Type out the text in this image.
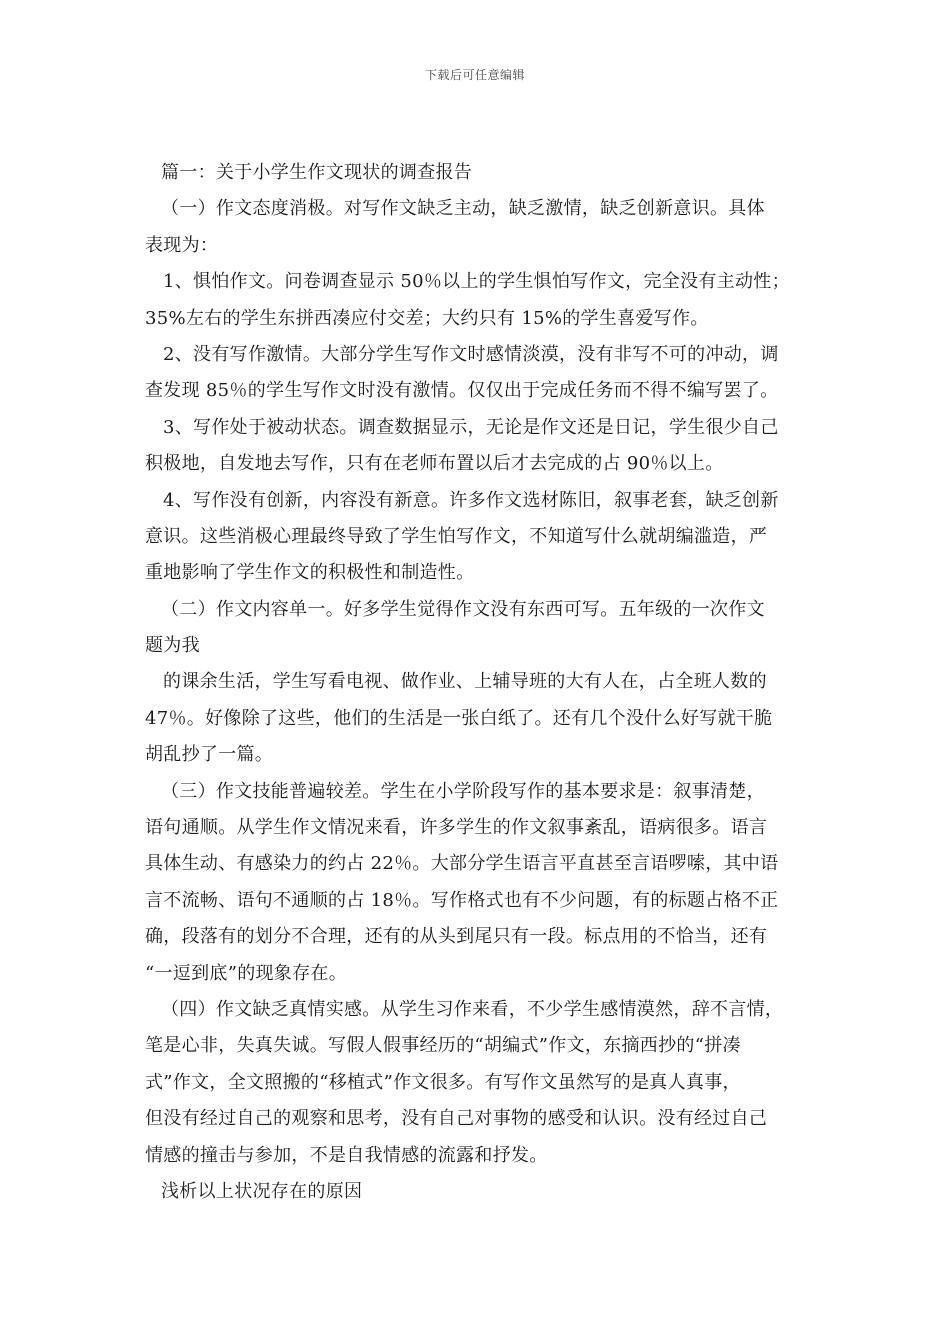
下载后可任意编辑
篇一：关于小学生作文现状的调查报告
（一）作文态度消极。对写作文缺乏主动，缺乏激情，缺乏创新意识。具体
表现为：
1、惧怕作文。问卷调查显示 50％以上的学生惧怕写作文，完全没有主动性；
35%左右的学生东拼西凑应付交差；大约只有 15%的学生喜爱写作。
2、没有写作激情。大部分学生写作文时感情淡漠，没有非写不可的冲动，调
查发现 85％的学生写作文时没有激情。仅仅出于完成任务而不得不编写罢了。
3、写作处于被动状态。调查数据显示，无论是作文还是日记，学生很少自己
积极地，自发地去写作，只有在老师布置以后才去完成的占 90％以上。
4、写作没有创新，内容没有新意。许多作文选材陈旧，叙事老套，缺乏创新
意识。这些消极心理最终导致了学生怕写作文，不知道写什么就胡编滥造，严
重地影响了学生作文的积极性和制造性。
（二）作文内容单一。好多学生觉得作文没有东西可写。五年级的一次作文
题为我
的课余生活，学生写看电视、做作业、上辅导班的大有人在，占全班人数的
47％。好像除了这些，他们的生活是一张白纸了。还有几个没什么好写就干脆
胡乱抄了一篇。
（三）作文技能普遍较差。学生在小学阶段写作的基本要求是：叙事清楚，
语句通顺。从学生作文情况来看，许多学生的作文叙事紊乱，语病很多。语言
具体生动、有感染力的约占 22％。大部分学生语言平直甚至言语啰嗦，其中语
言不流畅、语句不通顺的占 18％。写作格式也有不少问题，有的标题占格不正
确，段落有的划分不合理，还有的从头到尾只有一段。标点用的不恰当，还有
“一逗到底”的现象存在。
（四）作文缺乏真情实感。从学生习作来看，不少学生感情漠然，辞不言情，
笔是心非，失真失诚。写假人假事经历的“胡编式”作文，东摘西抄的“拼凑
式”作文，全文照搬的“移植式”作文很多。有写作文虽然写的是真人真事，
但没有经过自己的观察和思考，没有自己对事物的感受和认识。没有经过自己
情感的撞击与参加，不是自我情感的流露和抒发。
浅析以上状况存在的原因
